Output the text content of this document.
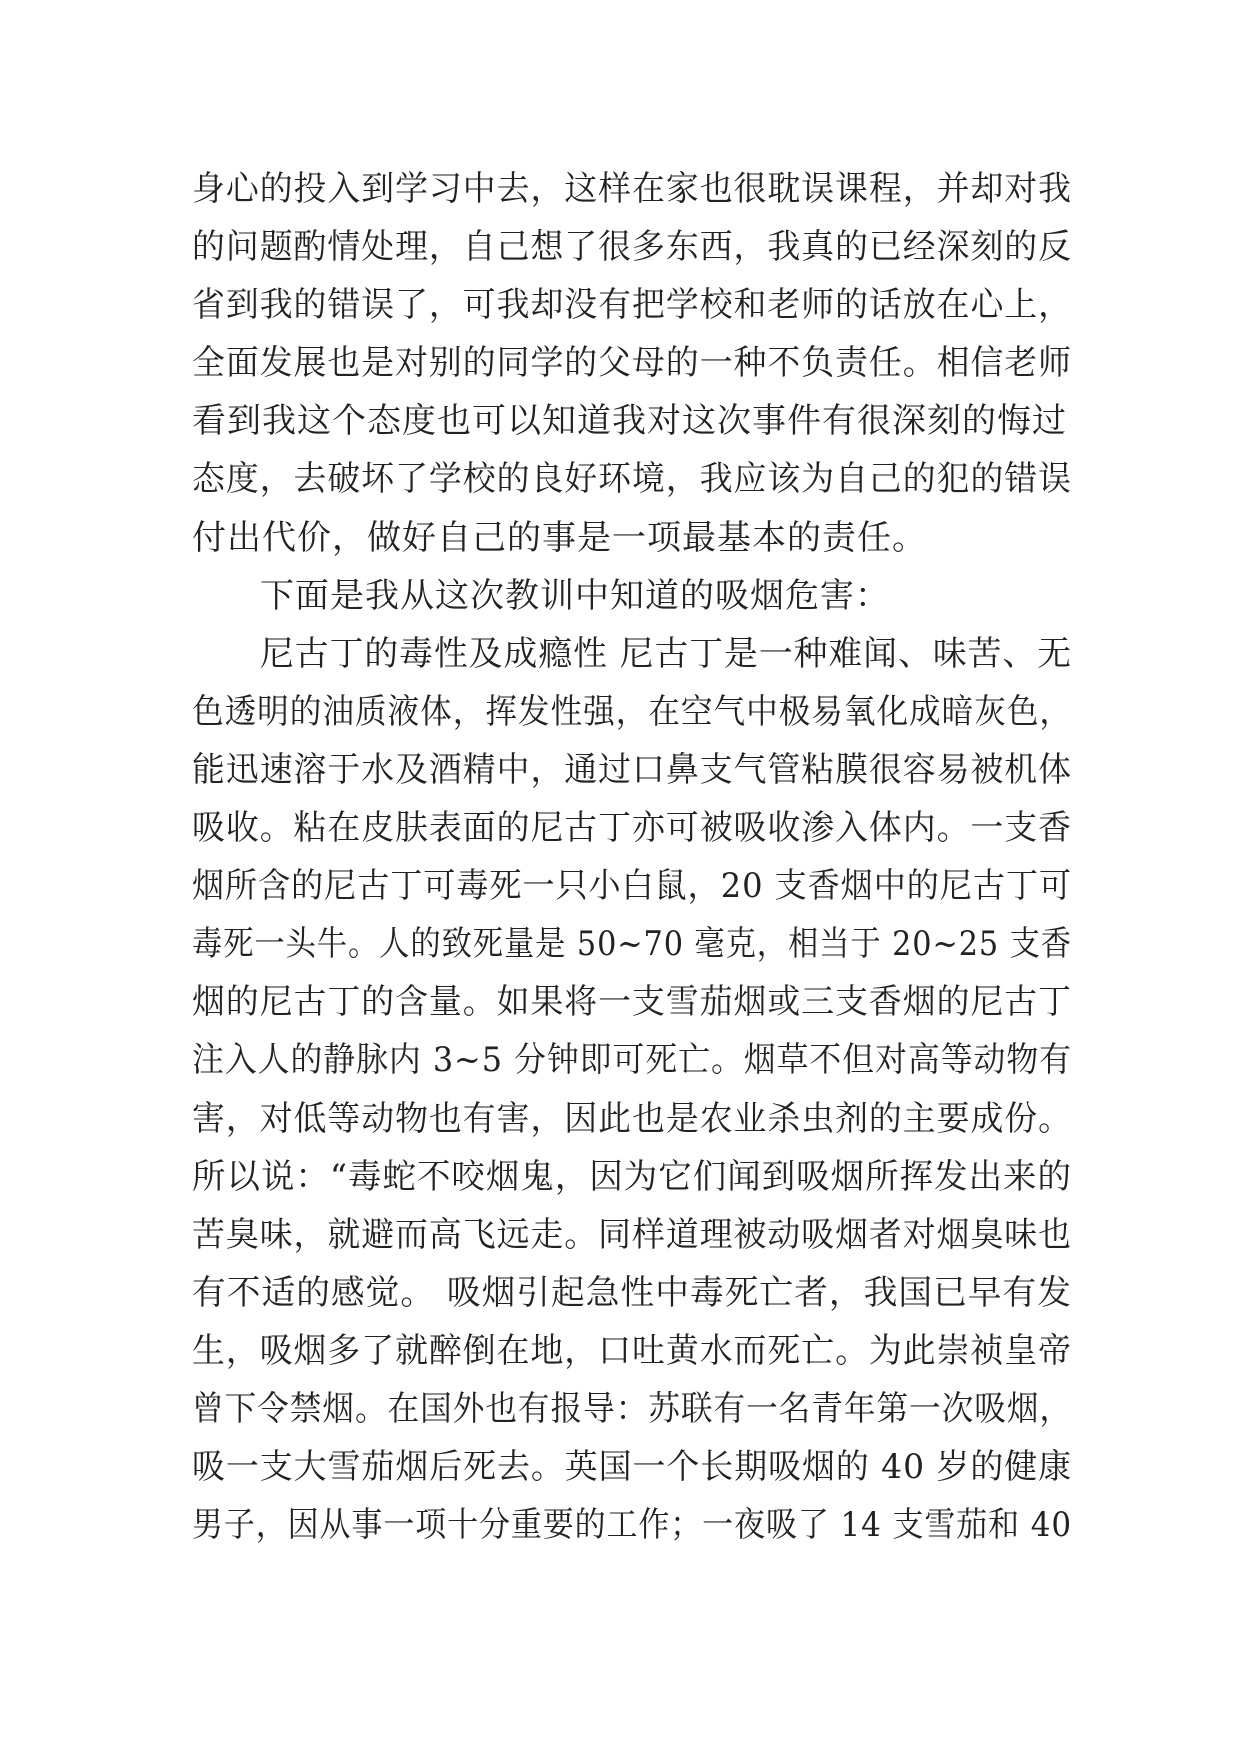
身心的投入到学习中去，这样在家也很耽误课程，并却对我
的问题酌情处理，自己想了很多东西，我真的已经深刻的反
省到我的错误了，可我却没有把学校和老师的话放在心上，
全面发展也是对别的同学的父母的一种不负责任。相信老师
看到我这个态度也可以知道我对这次事件有很深刻的悔过
态度，去破坏了学校的良好环境，我应该为自己的犯的错误
付出代价，做好自己的事是一项最基本的责任。
下面是我从这次教训中知道的吸烟危害：
尼古丁的毒性及成瘾性 尼古丁是一种难闻、味苦、无
色透明的油质液体，挥发性强，在空气中极易氧化成暗灰色，
能迅速溶于水及酒精中，通过口鼻支气管粘膜很容易被机体
吸收。粘在皮肤表面的尼古丁亦可被吸收渗入体内。一支香
烟所含的尼古丁可毒死一只小白鼠，20 支香烟中的尼古丁可
毒死一头牛。人的致死量是 50~70 毫克，相当于 20~25 支香
烟的尼古丁的含量。如果将一支雪茄烟或三支香烟的尼古丁
注入人的静脉内 3~5 分钟即可死亡。烟草不但对高等动物有
害，对低等动物也有害，因此也是农业杀虫剂的主要成份。
所以说：“毒蛇不咬烟鬼，因为它们闻到吸烟所挥发出来的
苦臭味，就避而高飞远走。同样道理被动吸烟者对烟臭味也
有不适的感觉。 吸烟引起急性中毒死亡者，我国已早有发
生，吸烟多了就醉倒在地，口吐黄水而死亡。为此崇祯皇帝
曾下令禁烟。在国外也有报导：苏联有一名青年第一次吸烟，
吸一支大雪茄烟后死去。英国一个长期吸烟的 40 岁的健康
男子，因从事一项十分重要的工作；一夜吸了 14 支雪茄和 40
